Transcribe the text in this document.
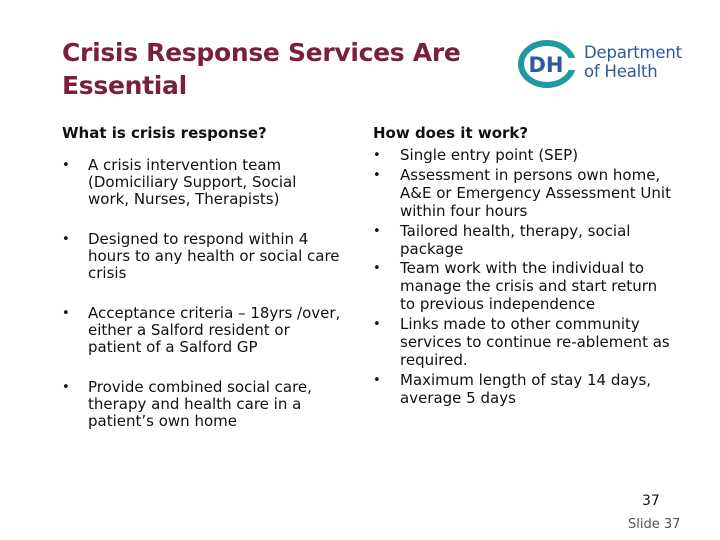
Crisis Response Services Are Essential
DH
Department
of Health
What is crisis response?
• A crisis intervention team (Domiciliary Support, Social work, Nurses, Therapists)
• Designed to respond within 4 hours to any health or social care crisis
• Acceptance criteria – 18yrs /over, either a Salford resident or patient of a Salford GP
• Provide combined social care, therapy and health care in a patient’s own home
How does it work?
• Single entry point (SEP)
• Assessment in persons own home, A&E or Emergency Assessment Unit within four hours
• Tailored health, therapy, social package
• Team work with the individual to manage the crisis and start return to previous independence
• Links made to other community services to continue re-ablement as required.
• Maximum length of stay 14 days, average 5 days
37
Slide 37
